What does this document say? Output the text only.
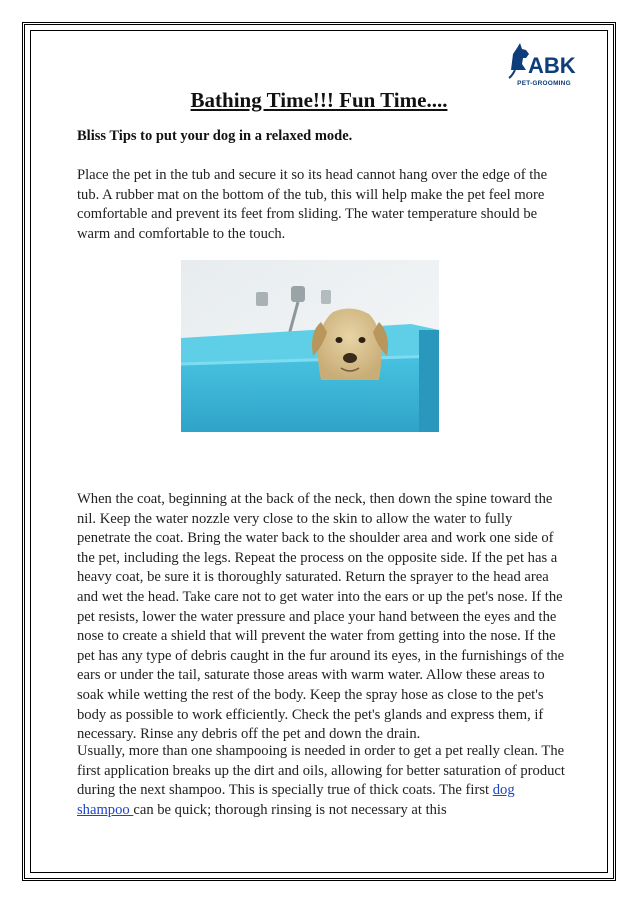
ABK
PET-GROOMING
Bathing Time!!! Fun Time....
Bliss Tips to put your dog in a relaxed mode.
Place the pet in the tub and secure it so its head cannot hang over the edge of the tub. A rubber mat on the bottom of the tub, this will help make the pet feel more comfortable and prevent its feet from sliding. The water temperature should be warm and comfortable to the touch.
When the coat, beginning at the back of the neck, then down the spine toward the nil. Keep the water nozzle very close to the skin to allow the water to fully penetrate the coat. Bring the water back to the shoulder area and work one side of the pet, including the legs. Repeat the process on the opposite side. If the pet has a heavy coat, be sure it is thoroughly saturated. Return the sprayer to the head area and wet the head. Take care not to get water into the ears or up the pet's nose. If the pet resists, lower the water pressure and place your hand between the eyes and the nose to create a shield that will prevent the water from getting into the nose. If the pet has any type of debris caught in the fur around its eyes, in the furnishings of the ears or under the tail, saturate those areas with warm water. Allow these areas to soak while wetting the rest of the body. Keep the spray hose as close to the pet's body as possible to work efficiently. Check the pet's glands and express them, if necessary. Rinse any debris off the pet and down the drain.
Usually, more than one shampooing is needed in order to get a pet really clean. The first application breaks up the dirt and oils, allowing for better saturation of product during the next shampoo. This is specially true of thick coats. The first dog shampoo can be quick; thorough rinsing is not necessary at this
